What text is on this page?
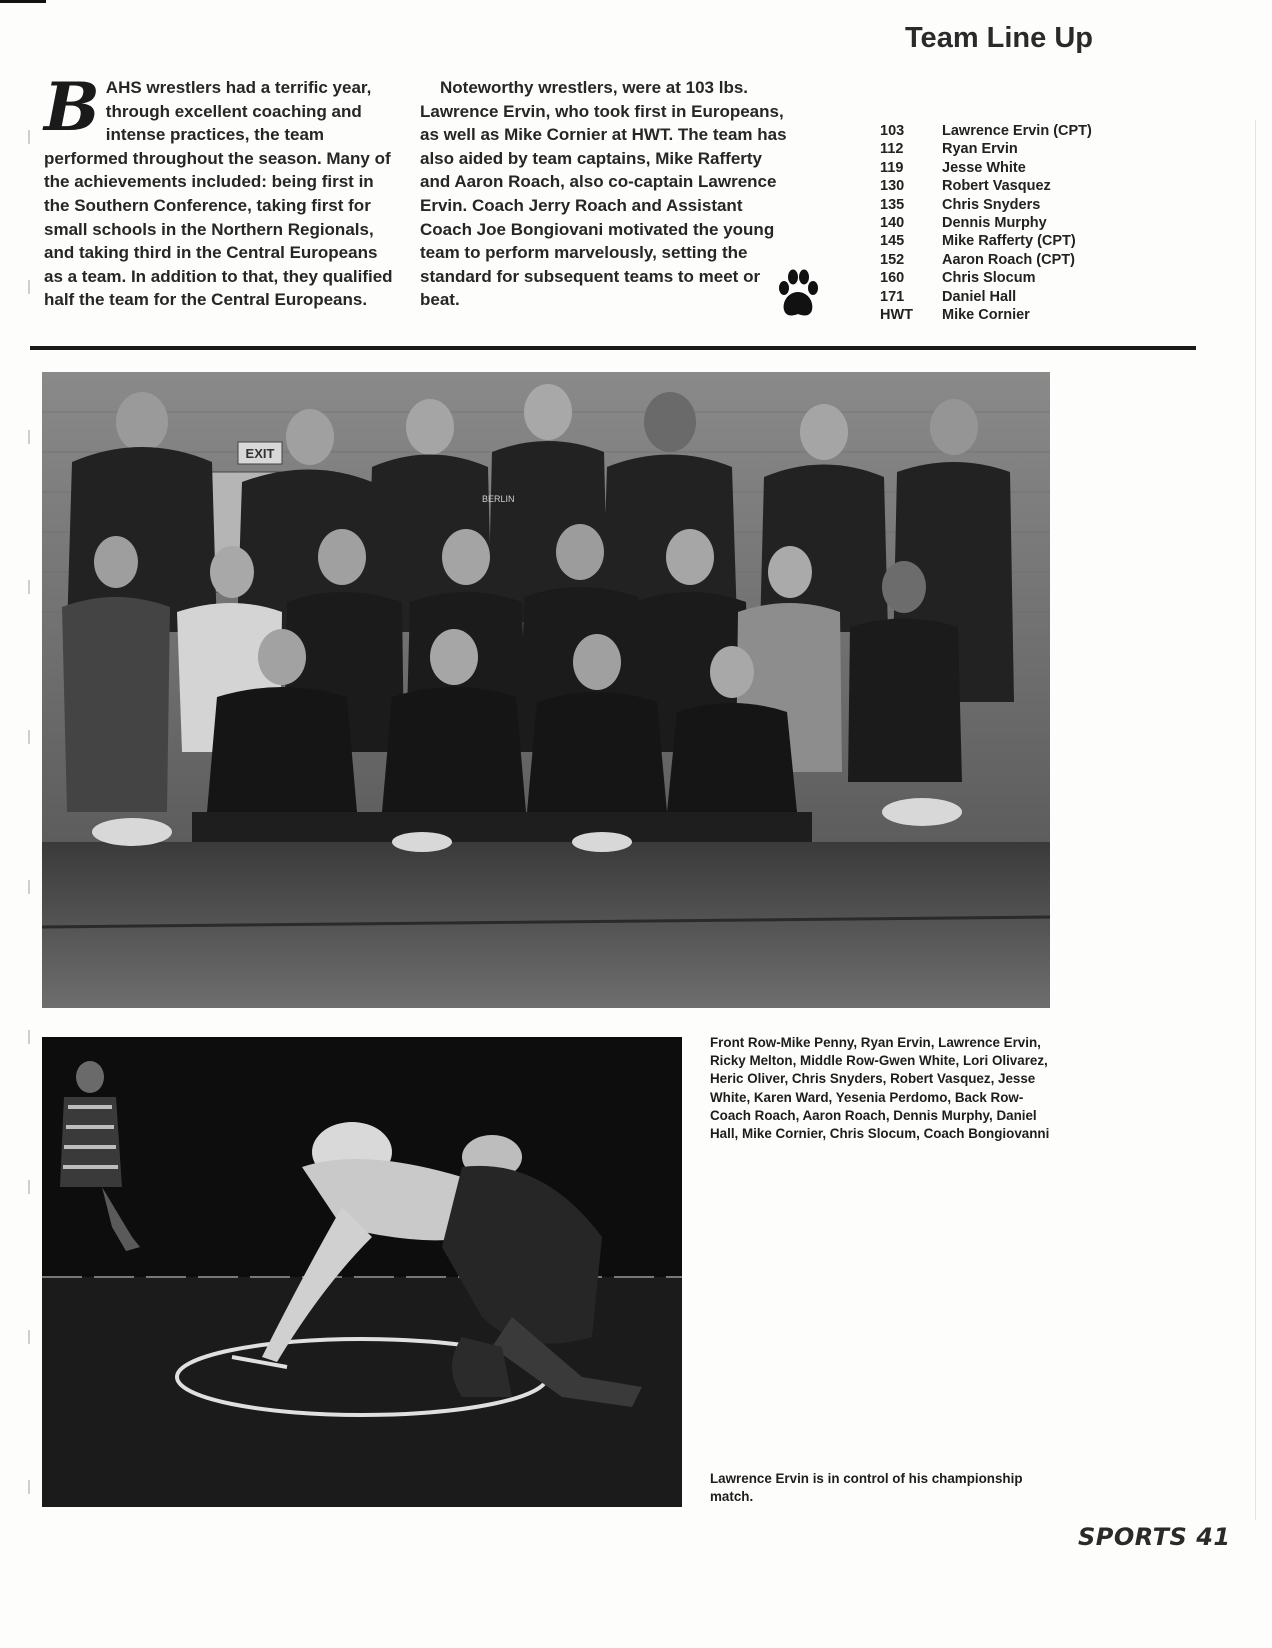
Team Line Up
BAHS wrestlers had a terrific year, through excellent coaching and intense practices, the team performed throughout the season. Many of the achievements included: being first in the Southern Conference, taking first for small schools in the Northern Regionals, and taking third in the Central Europeans as a team. In addition to that, they qualified half the team for the Central Europeans.
Noteworthy wrestlers, were at 103 lbs. Lawrence Ervin, who took first in Europeans, as well as Mike Cornier at HWT. The team has also aided by team captains, Mike Rafferty and Aaron Roach, also co-captain Lawrence Ervin. Coach Jerry Roach and Assistant Coach Joe Bongiovani motivated the young team to perform marvelously, setting the standard for subsequent teams to meet or beat.
103	Lawrence Ervin (CPT)
112	Ryan Ervin
119	Jesse White
130	Robert Vasquez
135	Chris Snyders
140	Dennis Murphy
145	Mike Rafferty (CPT)
152	Aaron Roach (CPT)
160	Chris Slocum
171	Daniel Hall
HWT	Mike Cornier
EXIT
BERLIN
Front Row-Mike Penny, Ryan Ervin, Lawrence Ervin, Ricky Melton, Middle Row-Gwen White, Lori Olivarez, Heric Oliver, Chris Snyders, Robert Vasquez, Jesse White, Karen Ward, Yesenia Perdomo, Back Row-Coach Roach, Aaron Roach, Dennis Murphy, Daniel Hall, Mike Cornier, Chris Slocum, Coach Bongiovanni
Lawrence Ervin is in control of his championship match.
SPORTS 41
